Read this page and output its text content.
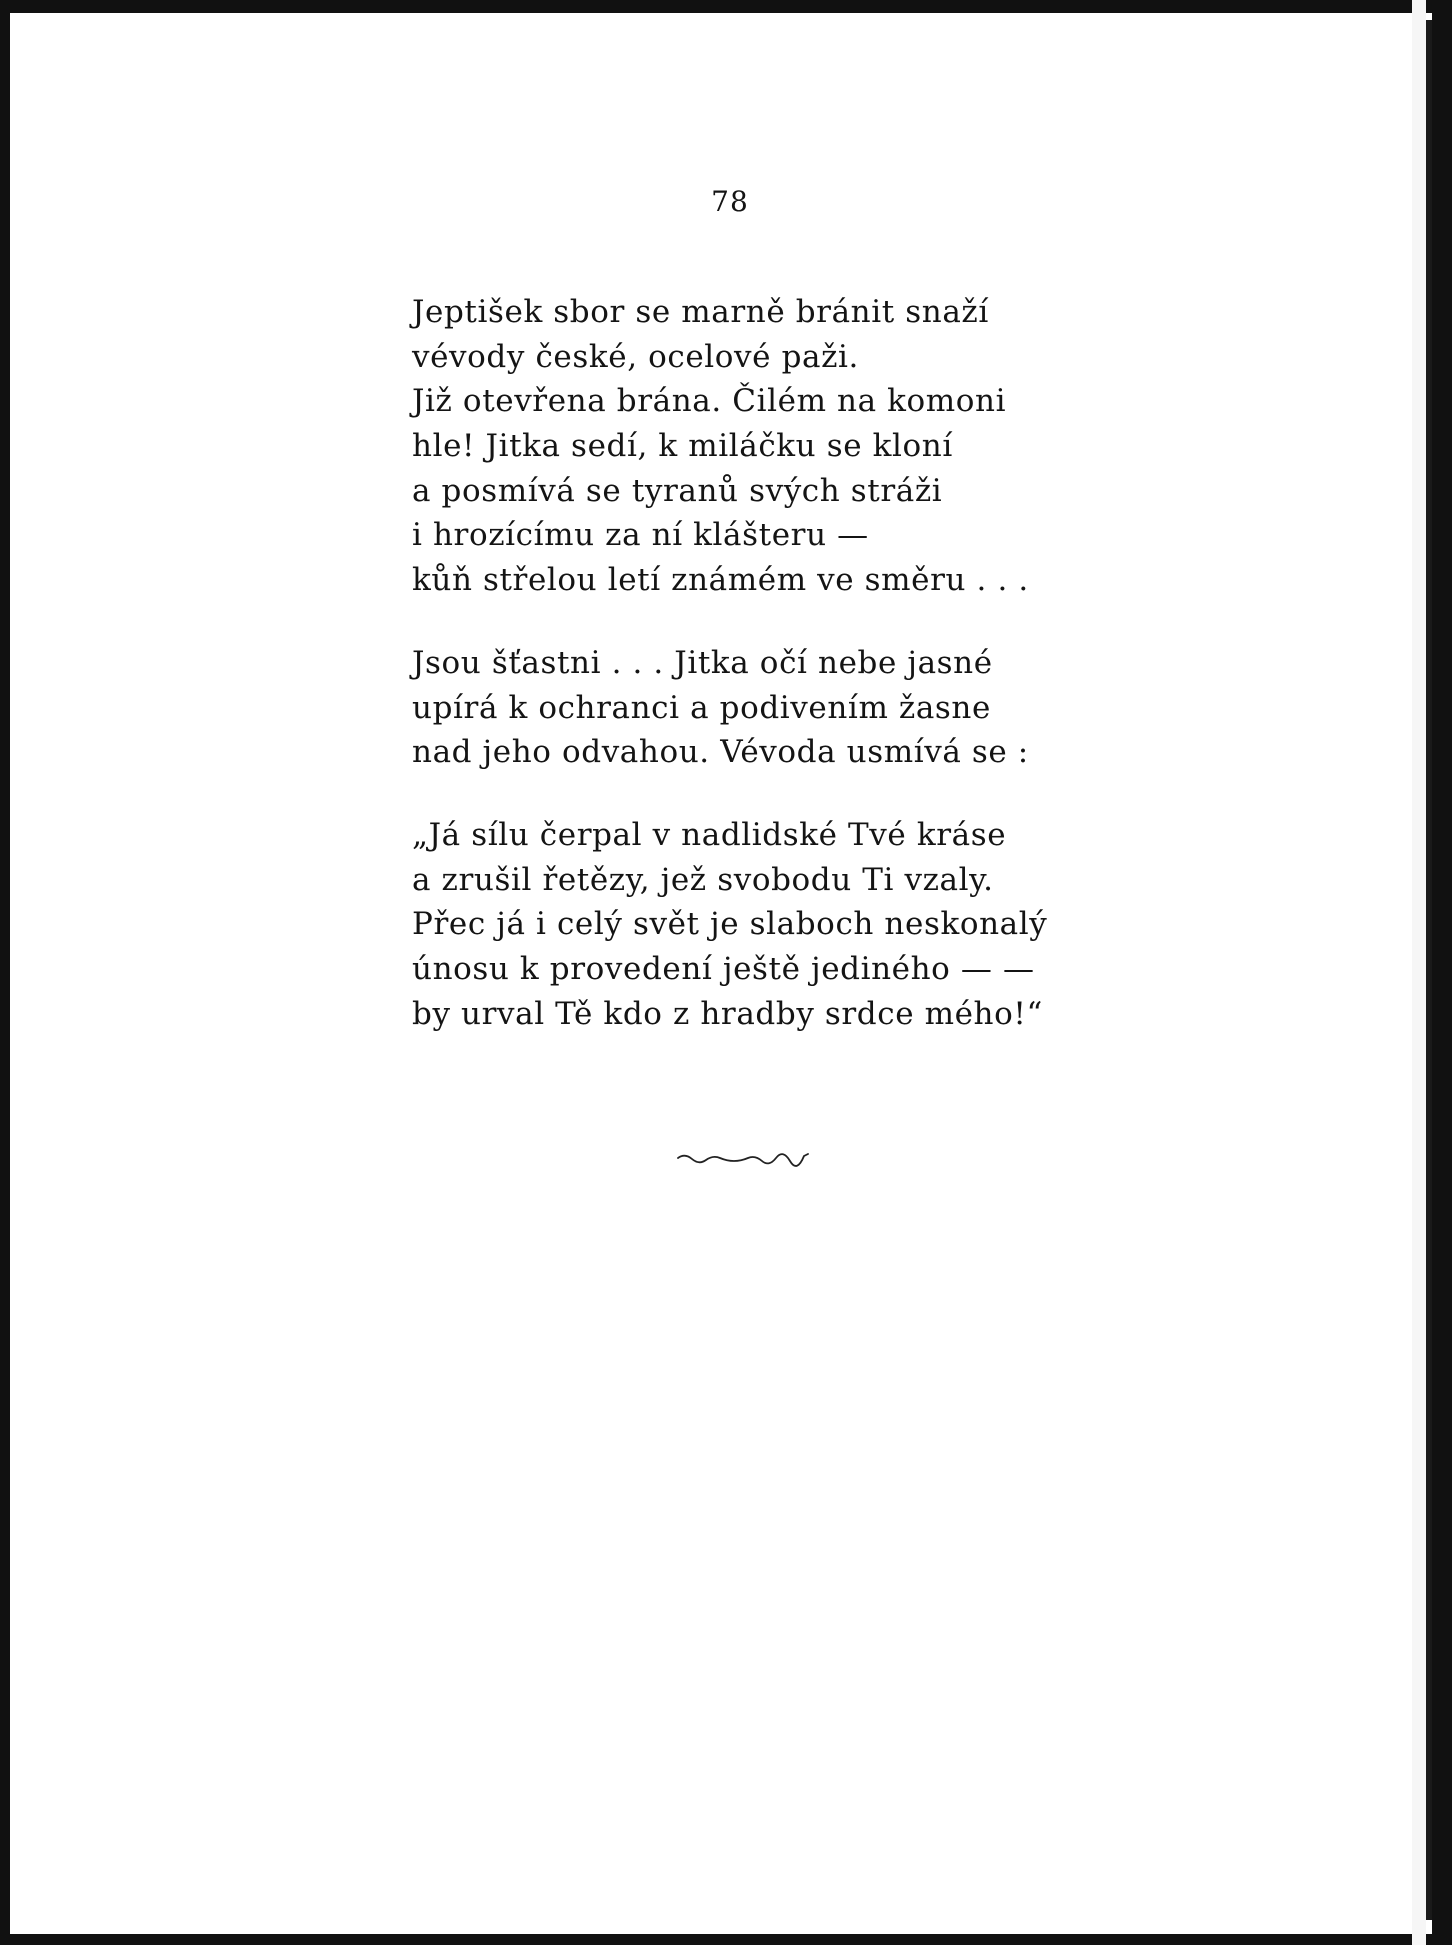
78

Jeptišek sbor se marně bránit snaží
vévody české, ocelové paži.
Již otevřena brána. Čilém na komoni
hle! Jitka sedí, k miláčku se kloní
a posmívá se tyranů svých stráži
i hrozícímu za ní klášteru —
kůň střelou letí známém ve směru . . .

Jsou šťastni . . . Jitka očí nebe jasné
upírá k ochranci a podivením žasne
nad jeho odvahou. Vévoda usmívá se :

„Já sílu čerpal v nadlidské Tvé kráse
a zrušil řetězy, jež svobodu Ti vzaly.
Přec já i celý svět je slaboch neskonalý
únosu k provedení ještě jediného — —
by urval Tě kdo z hradby srdce mého!“
